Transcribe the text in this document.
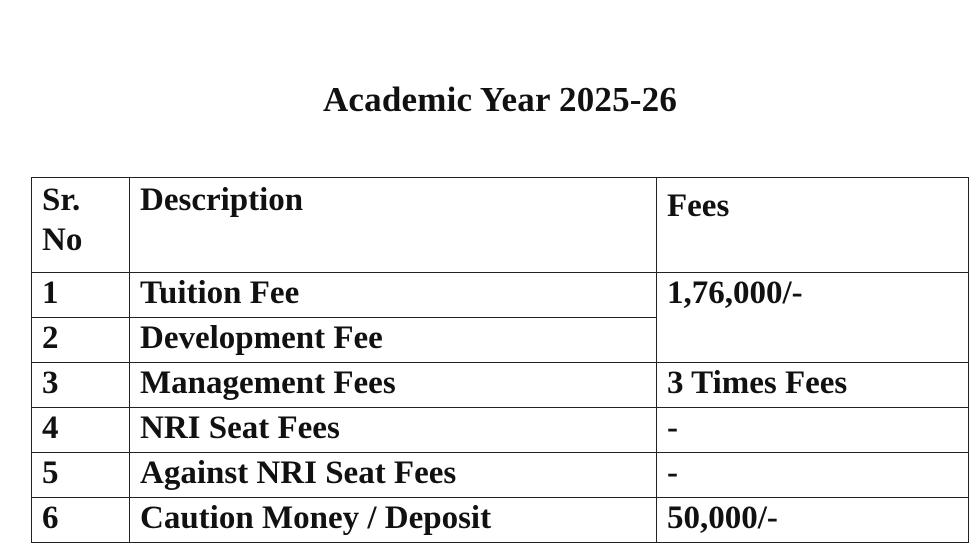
Academic Year 2025-26
Sr.
No	Description	Fees
1	Tuition Fee	1,76,000/-
2	Development Fee	
3	Management Fees	3 Times Fees
4	NRI Seat Fees	-
5	Against NRI Seat Fees	-
6	Caution Money / Deposit	50,000/-
